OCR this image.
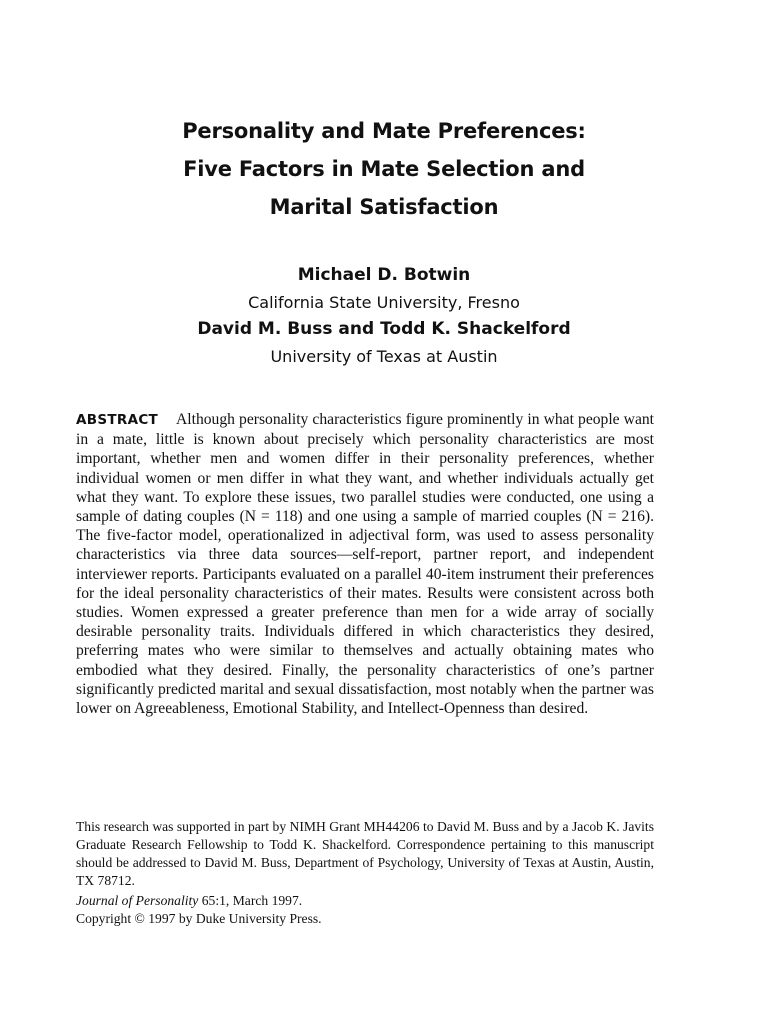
Personality and Mate Preferences:
Five Factors in Mate Selection and
Marital Satisfaction
Michael D. Botwin
California State University, Fresno
David M. Buss and Todd K. Shackelford
University of Texas at Austin
ABSTRACT Although personality characteristics figure prominently in what people want in a mate, little is known about precisely which personality characteristics are most important, whether men and women differ in their personality preferences, whether individual women or men differ in what they want, and whether individuals actually get what they want. To explore these issues, two parallel studies were conducted, one using a sample of dating couples (N = 118) and one using a sample of married couples (N = 216). The five-factor model, operationalized in adjectival form, was used to assess personality characteristics via three data sources—self-report, partner report, and independent interviewer reports. Participants evaluated on a parallel 40-item instrument their preferences for the ideal personality characteristics of their mates. Results were consistent across both studies. Women expressed a greater preference than men for a wide array of socially desirable personality traits. Individuals differed in which characteristics they desired, preferring mates who were similar to themselves and actually obtaining mates who embodied what they desired. Finally, the personality characteristics of one’s partner significantly predicted marital and sexual dissatisfaction, most notably when the partner was lower on Agreeableness, Emotional Stability, and Intellect-Openness than desired.
This research was supported in part by NIMH Grant MH44206 to David M. Buss and by a Jacob K. Javits Graduate Research Fellowship to Todd K. Shackelford. Correspondence pertaining to this manuscript should be addressed to David M. Buss, Department of Psychology, University of Texas at Austin, Austin, TX 78712.
Journal of Personality 65:1, March 1997.
Copyright © 1997 by Duke University Press.
